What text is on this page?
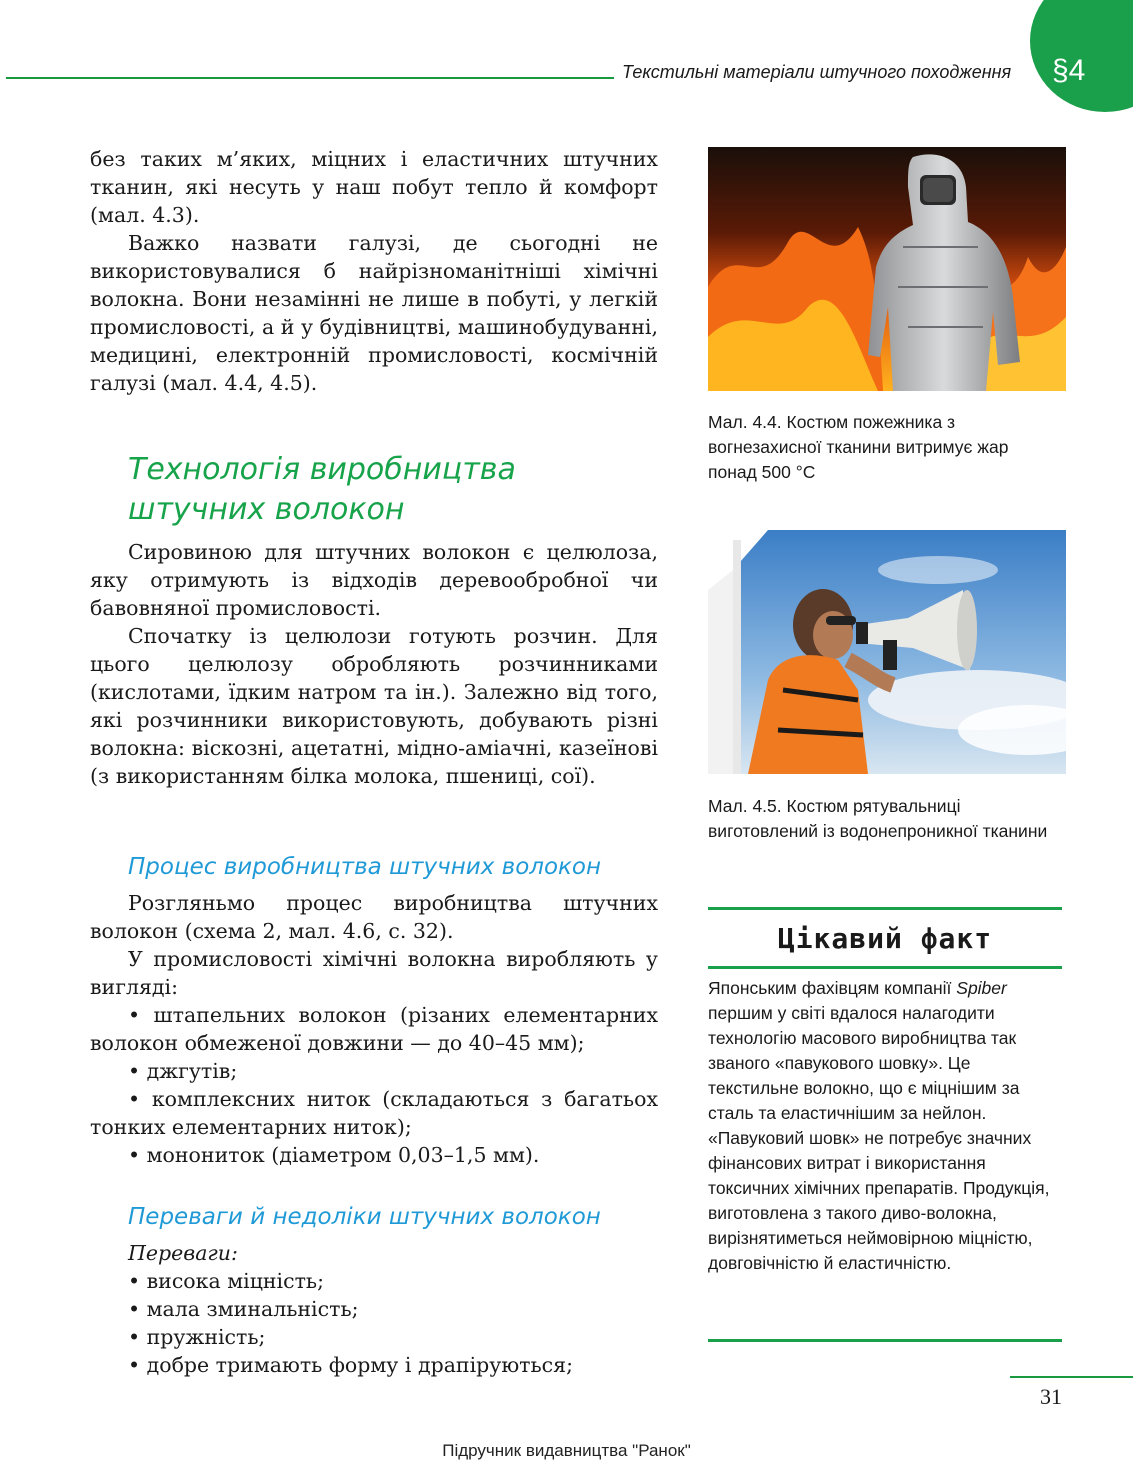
Текстильні матеріали штучного походження §4

без таких м’яких, міцних і еластичних штучних тканин, які несуть у наш побут тепло й комфорт (мал. 4.3).

Важко назвати галузі, де сьогодні не використовувалися б найрізноманітніші хімічні волокна. Вони незамінні не лише в побуті, у легкій промисловості, а й у будівництві, машинобудуванні, медицині, електронній промисловості, космічній галузі (мал. 4.4, 4.5).

Технологія виробництва
штучних волокон

Сировиною для штучних волокон є целюлоза, яку отримують із відходів деревообробної чи бавовняної промисловості.

Спочатку із целюлози готують розчин. Для цього целюлозу обробляють розчинниками (кислотами, їдким натром та ін.). Залежно від того, які розчинники використовують, добувають різні волокна: віскозні, ацетатні, мідно-аміачні, казеїнові (з використанням білка молока, пшениці, сої).

Процес виробництва штучних волокон

Розгляньмо процес виробництва штучних волокон (схема 2, мал. 4.6, с. 32).

У промисловості хімічні волокна виробляють у вигляді:

• штапельних волокон (різаних елементарних волокон обмеженої довжини — до 40–45 мм);

• джгутів;

• комплексних ниток (складаються з багатьох тонких елементарних ниток);

• монониток (діаметром 0,03–1,5 мм).

Переваги й недоліки штучних волокон

Переваги:

• висока міцність;

• мала зминальність;

• пружність;

• добре тримають форму і драпіруються;

Мал. 4.4. Костюм пожежника з вогнезахисної тканини витримує жар понад 500 °С
Мал. 4.5. Костюм рятувальниці виготовлений із водонепроникної тканини
Цікавий факт
Японським фахівцям компанії Spiber першим у світі вдалося налагодити технологію масового виробництва так званого «павукового шовку». Це текстильне волокно, що є міцнішим за сталь та еластичнішим за нейлон. «Павуковий шовк» не потребує значних фінансових витрат і використання токсичних хімічних препаратів. Продукція, виготовлена з такого диво-волокна, вирізнятиметься неймовірною міцністю, довговічністю й еластичністю.
31
Підручник видавництва "Ранок"
